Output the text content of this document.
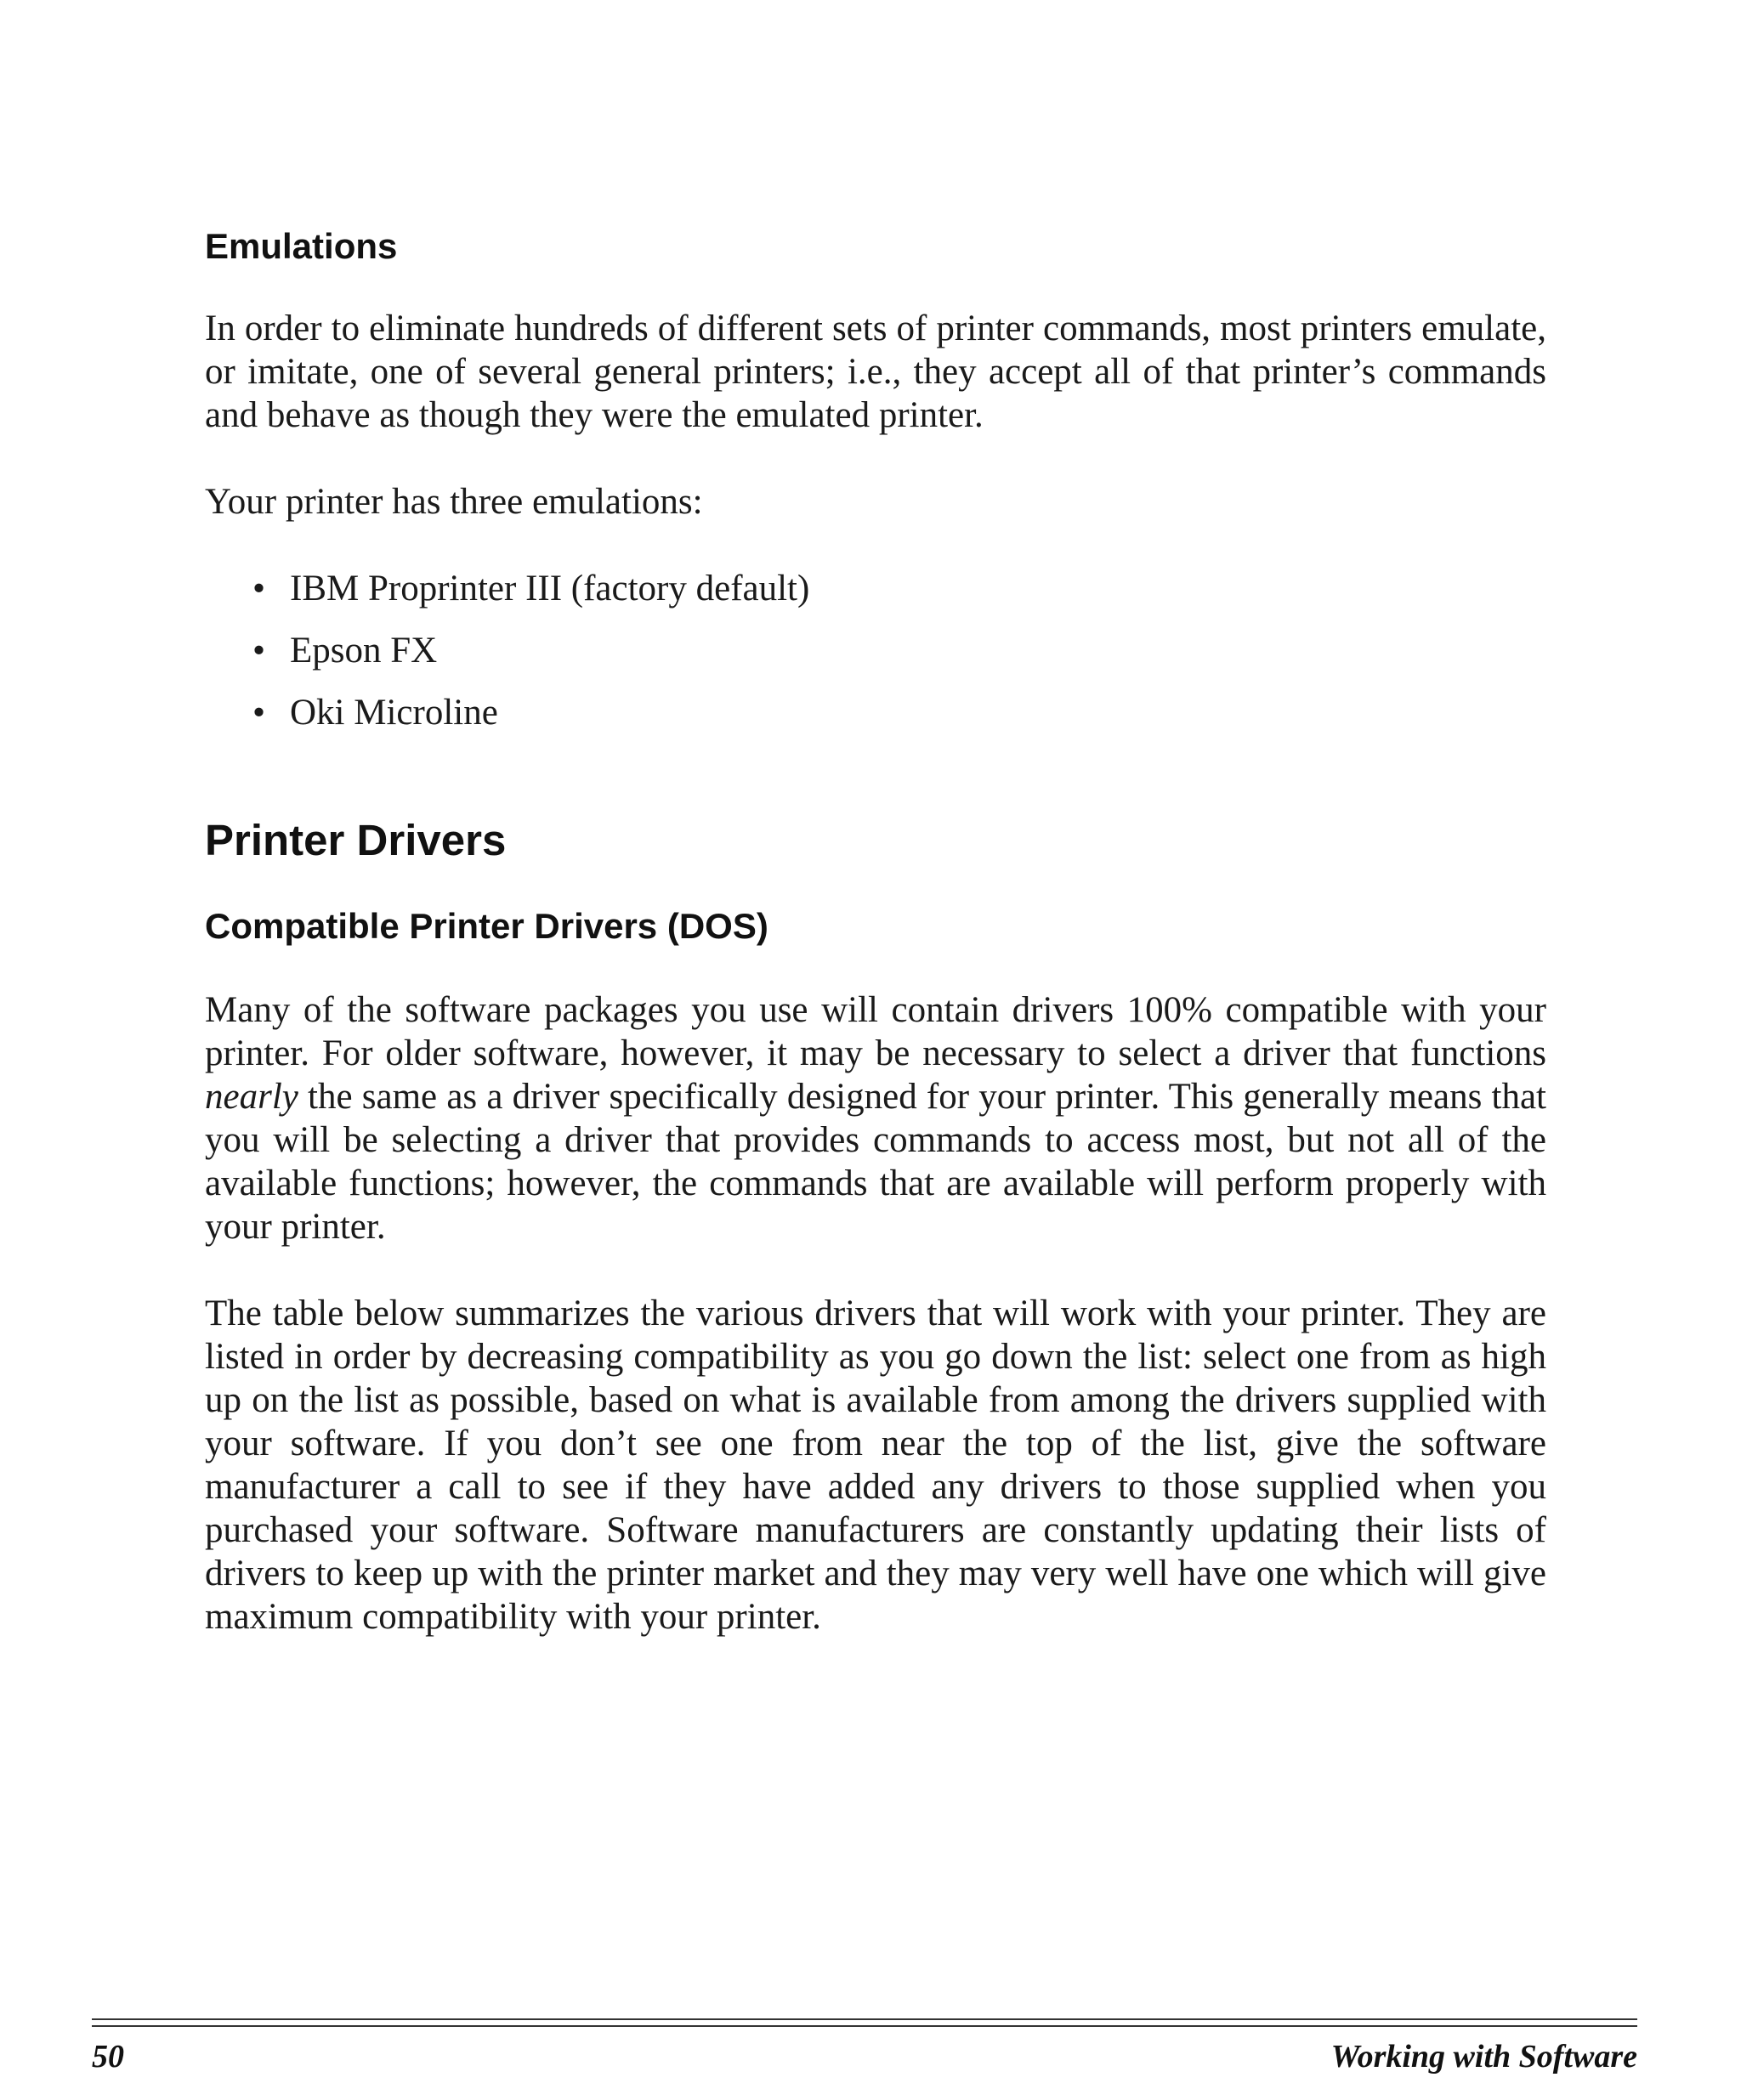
Emulations

In order to eliminate hundreds of different sets of printer commands, most printers emulate, or imitate, one of several general printers; i.e., they accept all of that printer’s commands and behave as though they were the emulated printer.

Your printer has three emulations:

• IBM Proprinter III (factory default)
• Epson FX
• Oki Microline
Printer Drivers
Compatible Printer Drivers (DOS)

Many of the software packages you use will contain drivers 100% compatible with your printer. For older software, however, it may be necessary to select a driver that functions nearly the same as a driver specifically designed for your printer. This generally means that you will be selecting a driver that provides commands to access most, but not all of the available functions; however, the commands that are available will perform properly with your printer.

The table below summarizes the various drivers that will work with your printer. They are listed in order by decreasing compatibility as you go down the list: select one from as high up on the list as possible, based on what is available from among the drivers supplied with your software. If you don’t see one from near the top of the list, give the software manufacturer a call to see if they have added any drivers to those supplied when you purchased your software. Software manufacturers are constantly updating their lists of drivers to keep up with the printer market and they may very well have one which will give maximum compatibility with your printer.

50	Working with Software
